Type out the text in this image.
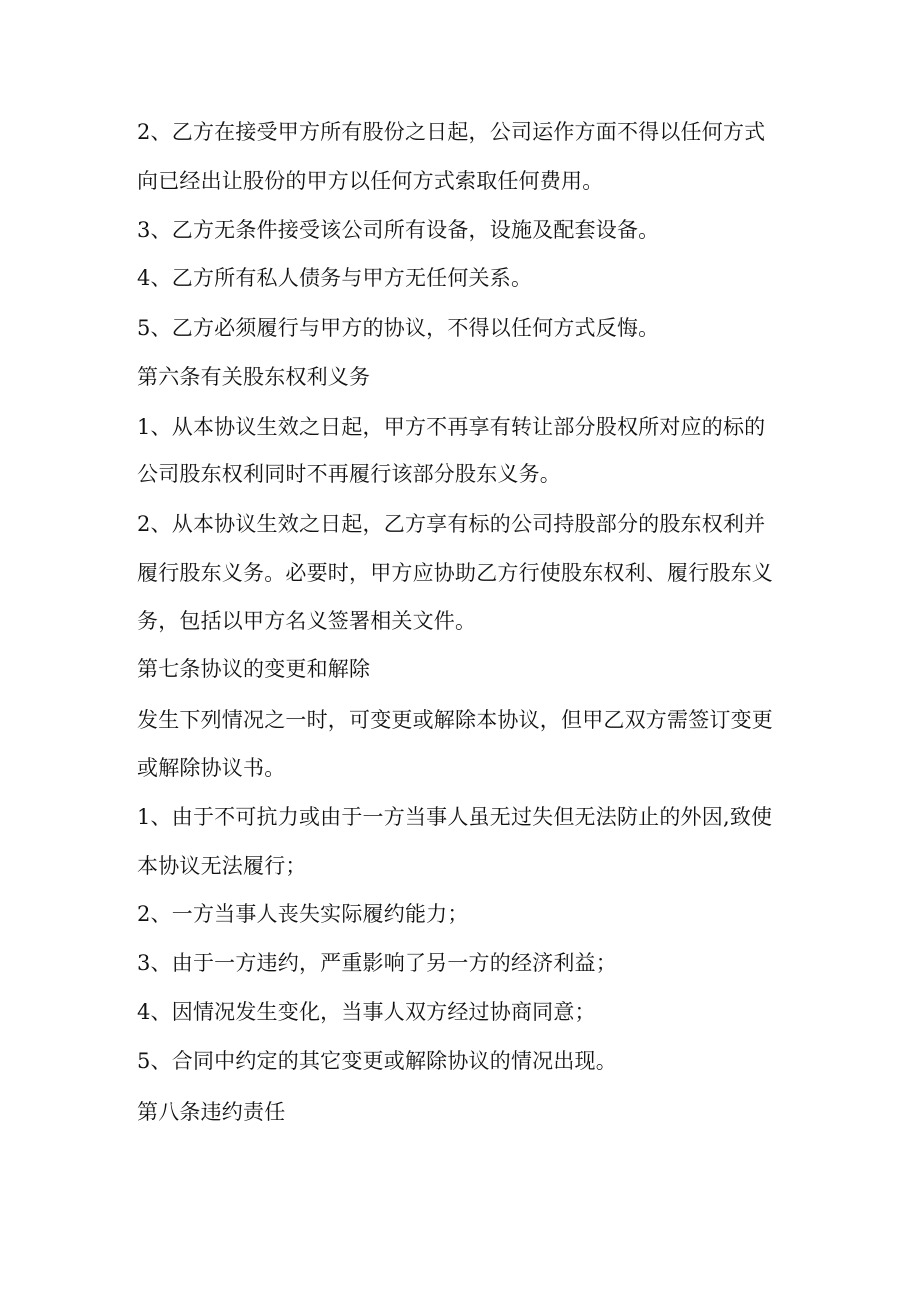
2、乙方在接受甲方所有股份之日起，公司运作方面不得以任何方式

向已经出让股份的甲方以任何方式索取任何费用。

3、乙方无条件接受该公司所有设备，设施及配套设备。

4、乙方所有私人债务与甲方无任何关系。

5、乙方必须履行与甲方的协议，不得以任何方式反悔。

第六条有关股东权利义务

1、从本协议生效之日起，甲方不再享有转让部分股权所对应的标的

公司股东权利同时不再履行该部分股东义务。

2、从本协议生效之日起，乙方享有标的公司持股部分的股东权利并

履行股东义务。必要时，甲方应协助乙方行使股东权利、履行股东义

务，包括以甲方名义签署相关文件。

第七条协议的变更和解除

发生下列情况之一时，可变更或解除本协议，但甲乙双方需签订变更

或解除协议书。

1、由于不可抗力或由于一方当事人虽无过失但无法防止的外因,致使

本协议无法履行；

2、一方当事人丧失实际履约能力；

3、由于一方违约，严重影响了另一方的经济利益；

4、因情况发生变化，当事人双方经过协商同意；

5、合同中约定的其它变更或解除协议的情况出现。

第八条违约责任
